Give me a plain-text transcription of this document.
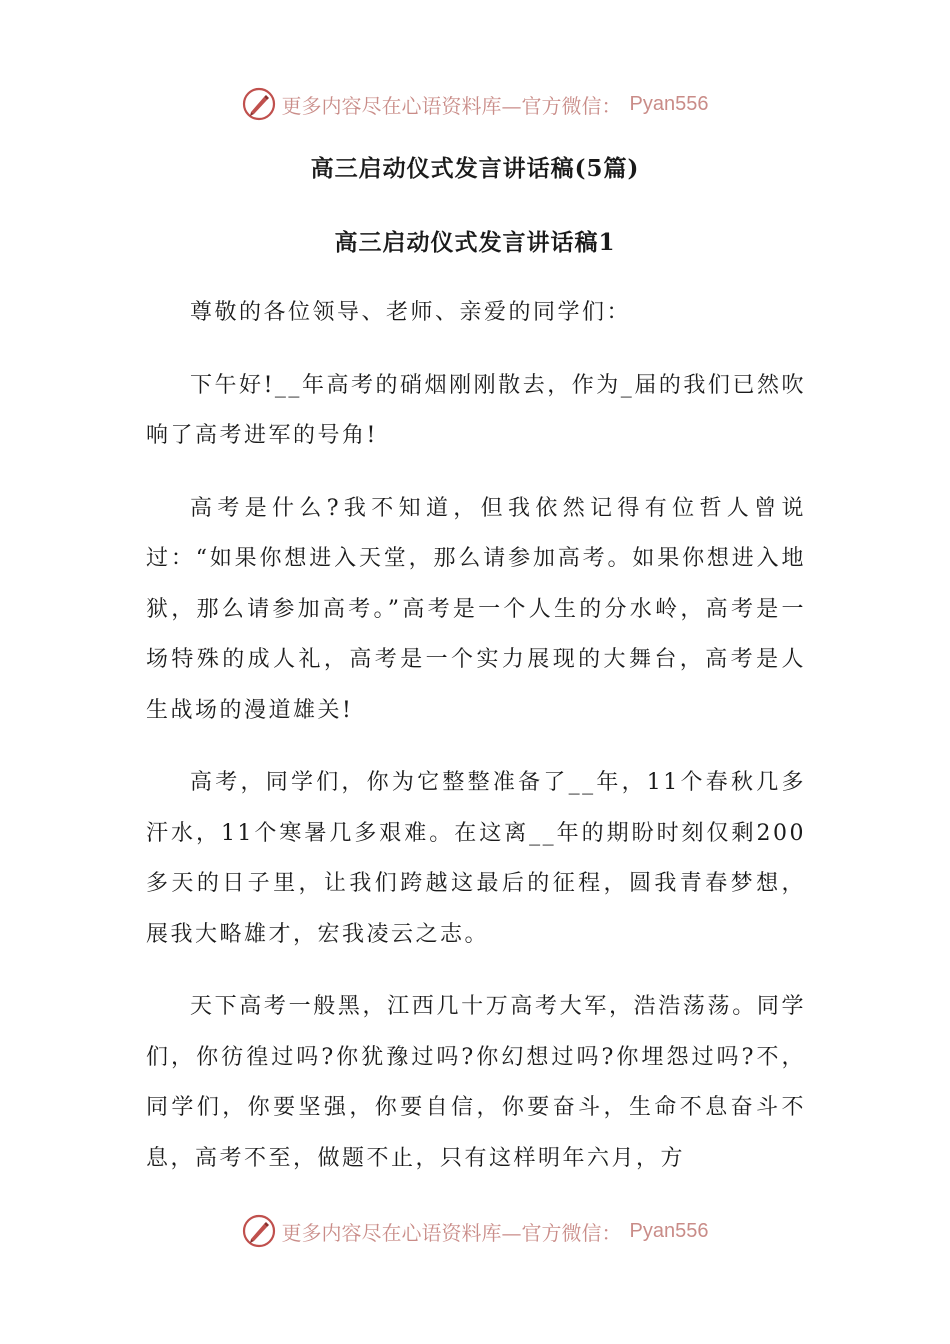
更多内容尽在心语资料库—官方微信： Pyan556
高三启动仪式发言讲话稿(5篇)
高三启动仪式发言讲话稿1

尊敬的各位领导、老师、亲爱的同学们：

下午好!__年高考的硝烟刚刚散去，作为_届的我们已然吹响了高考进军的号角!

高考是什么?我不知道，但我依然记得有位哲人曾说过：“如果你想进入天堂，那么请参加高考。如果你想进入地狱，那么请参加高考。”高考是一个人生的分水岭，高考是一场特殊的成人礼，高考是一个实力展现的大舞台，高考是人生战场的漫道雄关!

高考，同学们，你为它整整准备了__年，11个春秋几多汗水，11个寒暑几多艰难。在这离__年的期盼时刻仅剩200多天的日子里，让我们跨越这最后的征程，圆我青春梦想，展我大略雄才，宏我凌云之志。

天下高考一般黑，江西几十万高考大军，浩浩荡荡。同学们，你彷徨过吗?你犹豫过吗?你幻想过吗?你埋怨过吗?不，同学们，你要坚强，你要自信，你要奋斗，生命不息奋斗不息，高考不至，做题不止，只有这样明年六月，方

更多内容尽在心语资料库—官方微信： Pyan556
